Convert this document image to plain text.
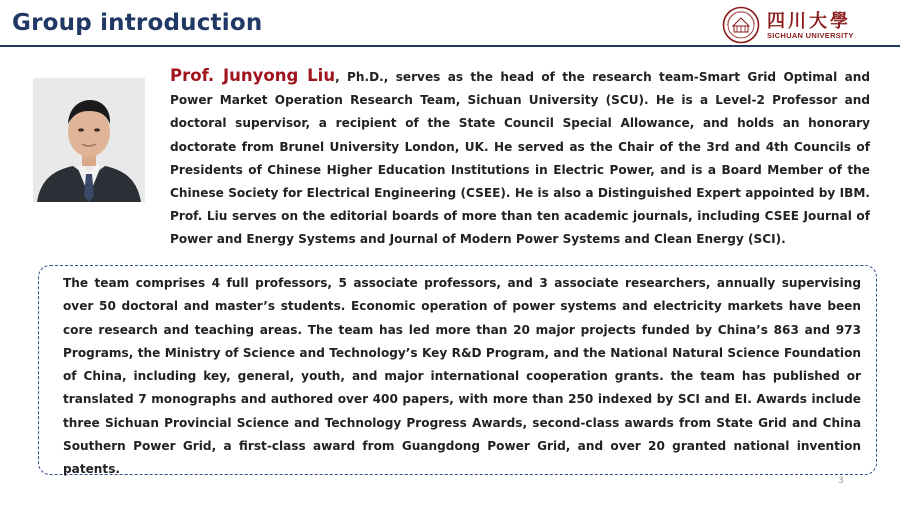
Group introduction	四川大學
SICHUAN UNIVERSITY

Prof. Junyong Liu, Ph.D., serves as the head of the research team-Smart Grid Optimal and Power Market Operation Research Team, Sichuan University (SCU). He is a Level-2 Professor and doctoral supervisor, a recipient of the State Council Special Allowance, and holds an honorary doctorate from Brunel University London, UK. He served as the Chair of the 3rd and 4th Councils of Presidents of Chinese Higher Education Institutions in Electric Power, and is a Board Member of the Chinese Society for Electrical Engineering (CSEE). He is also a Distinguished Expert appointed by IBM. Prof. Liu serves on the editorial boards of more than ten academic journals, including CSEE Journal of Power and Energy Systems and Journal of Modern Power Systems and Clean Energy (SCI).

The team comprises 4 full professors, 5 associate professors, and 3 associate researchers, annually supervising over 50 doctoral and master’s students. Economic operation of power systems and electricity markets have been core research and teaching areas. The team has led more than 20 major projects funded by China’s 863 and 973 Programs, the Ministry of Science and Technology’s Key R&D Program, and the National Natural Science Foundation of China, including key, general, youth, and major international cooperation grants. the team has published or translated 7 monographs and authored over 400 papers, with more than 250 indexed by SCI and EI. Awards include three Sichuan Provincial Science and Technology Progress Awards, second-class awards from State Grid and China Southern Power Grid, a first-class award from Guangdong Power Grid, and over 20 granted national invention patents.

3
